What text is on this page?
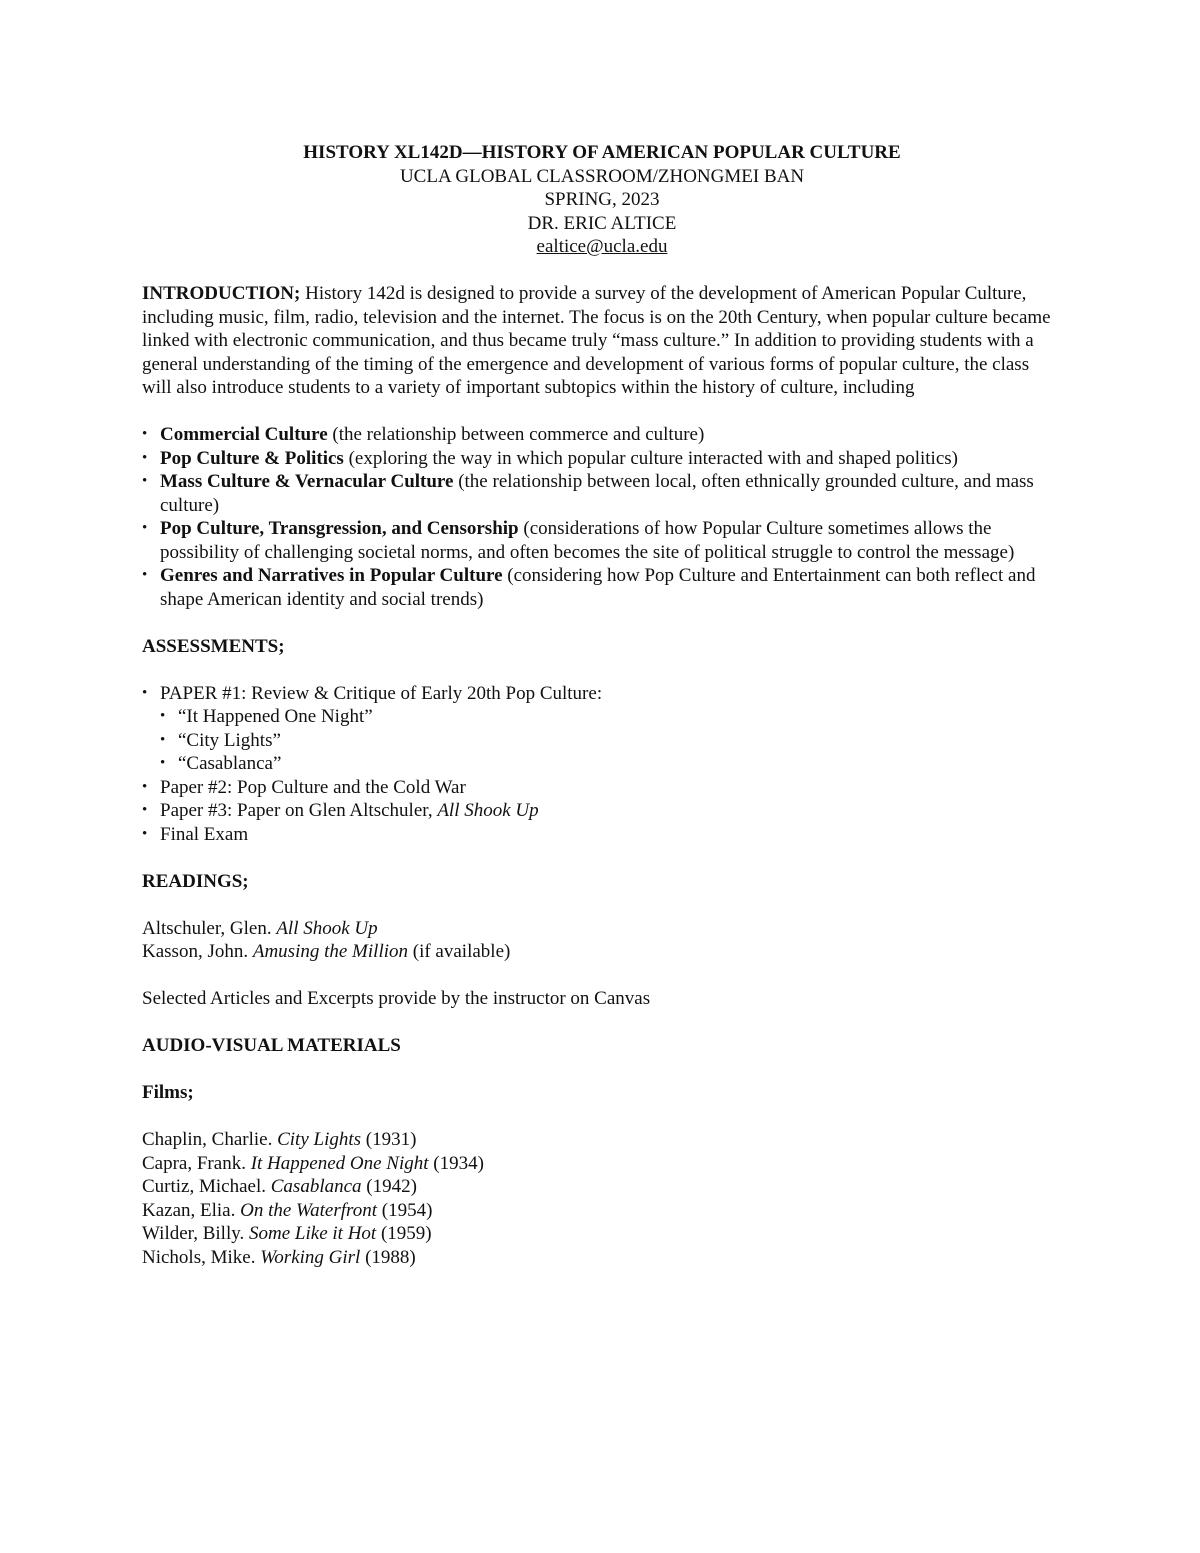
HISTORY XL142D—HISTORY OF AMERICAN POPULAR CULTURE

UCLA GLOBAL CLASSROOM/ZHONGMEI BAN

SPRING, 2023

DR. ERIC ALTICE

ealtice@ucla.edu

INTRODUCTION; History 142d is designed to provide a survey of the development of American Popular Culture, including music, film, radio, television and the internet. The focus is on the 20th Century, when popular culture became linked with electronic communication, and thus became truly “mass culture.” In addition to providing students with a general understanding of the timing of the emergence and development of various forms of popular culture, the class will also introduce students to a variety of important subtopics within the history of culture, including

• Commercial Culture (the relationship between commerce and culture)
• Pop Culture & Politics (exploring the way in which popular culture interacted with and shaped politics)
• Mass Culture & Vernacular Culture (the relationship between local, often ethnically grounded culture, and mass culture)
• Pop Culture, Transgression, and Censorship (considerations of how Popular Culture sometimes allows the possibility of challenging societal norms, and often becomes the site of political struggle to control the message)
• Genres and Narratives in Popular Culture (considering how Pop Culture and Entertainment can both reflect and shape American identity and social trends)

ASSESSMENTS;

• PAPER #1: Review & Critique of Early 20th Pop Culture:
• “It Happened One Night”
• “City Lights”
• “Casablanca”
• Paper #2: Pop Culture and the Cold War
• Paper #3: Paper on Glen Altschuler, All Shook Up
• Final Exam

READINGS;

Altschuler, Glen. All Shook Up

Kasson, John. Amusing the Million (if available)

Selected Articles and Excerpts provide by the instructor on Canvas

AUDIO-VISUAL MATERIALS

Films;

Chaplin, Charlie. City Lights (1931)

Capra, Frank. It Happened One Night (1934)

Curtiz, Michael. Casablanca (1942)

Kazan, Elia. On the Waterfront (1954)

Wilder, Billy. Some Like it Hot (1959)

Nichols, Mike. Working Girl (1988)
